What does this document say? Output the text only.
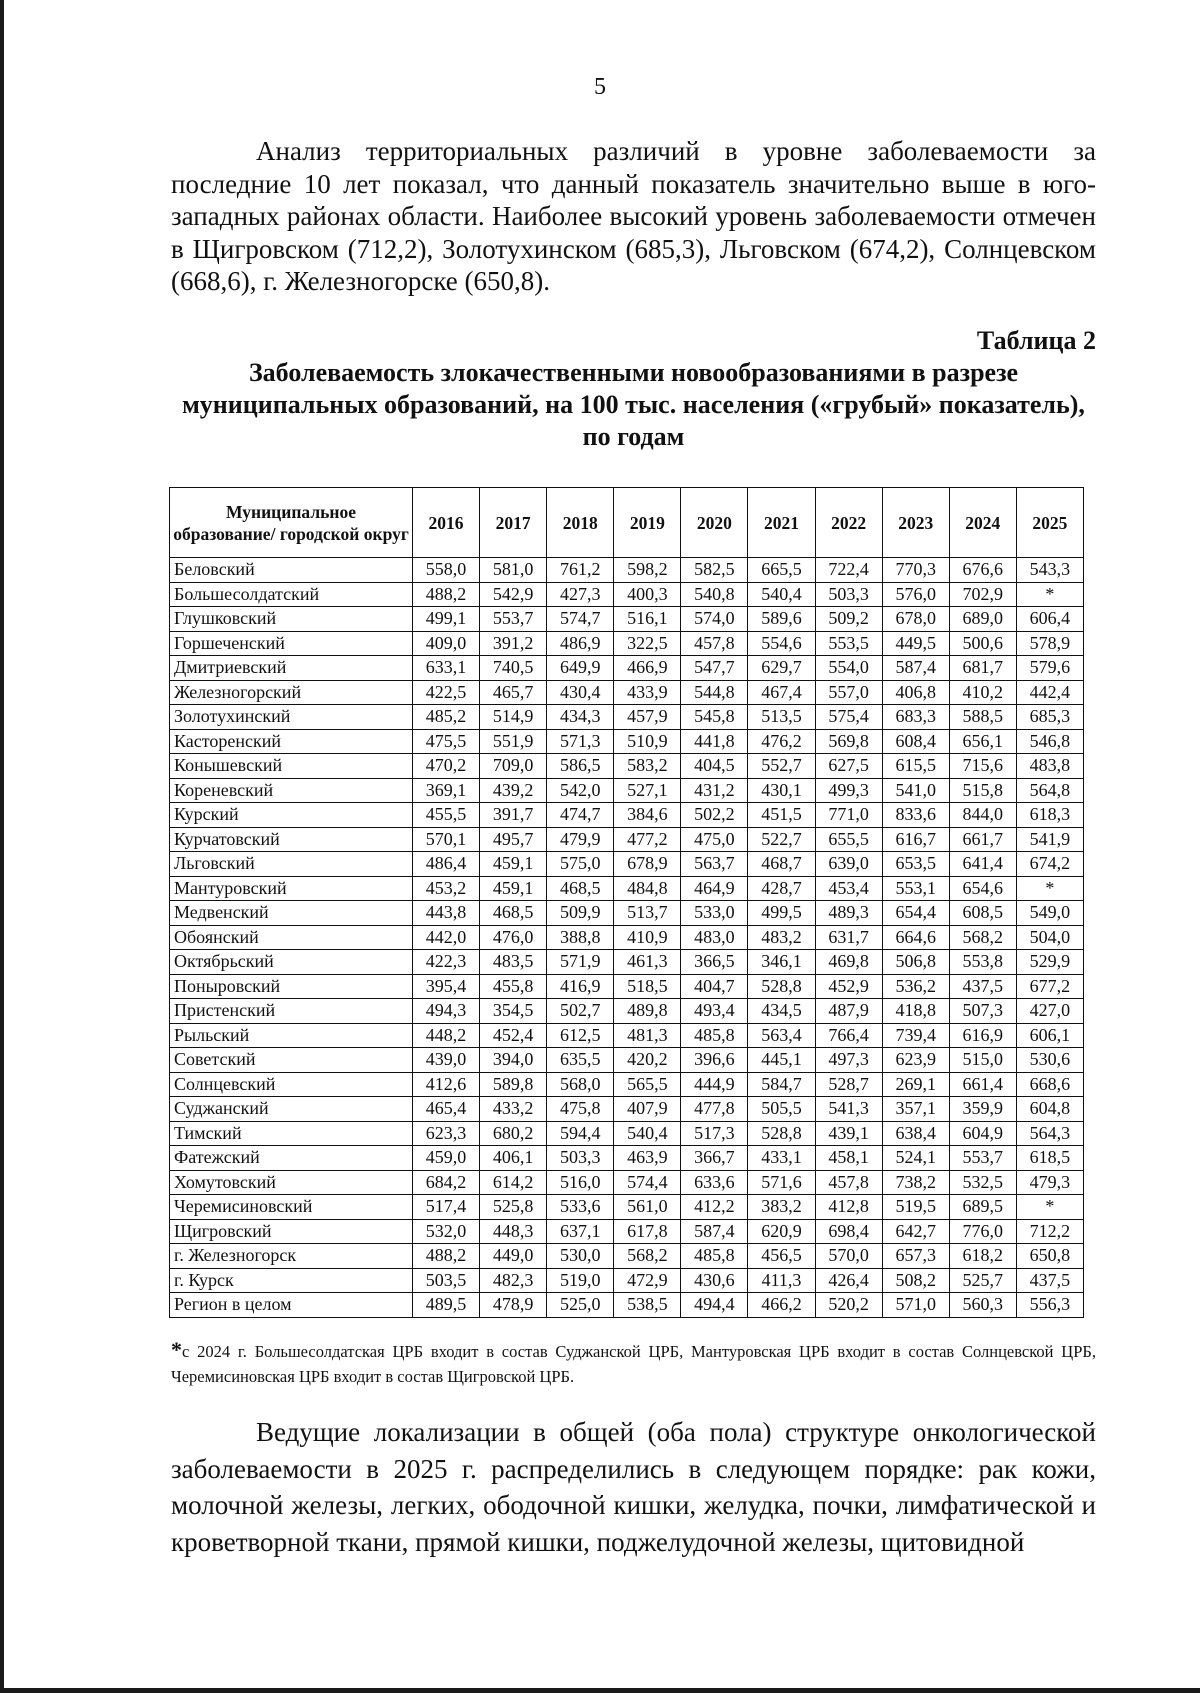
5

Анализ территориальных различий в уровне заболеваемости за последние 10 лет показал, что данный показатель значительно выше в юго-западных районах области. Наиболее высокий уровень заболеваемости отмечен в Щигровском (712,2), Золотухинском (685,3), Льговском (674,2), Солнцевском (668,6), г. Железногорске (650,8).

Таблица 2

Заболеваемость злокачественными новообразованиями в разрезе муниципальных образований, на 100 тыс. населения («грубый» показатель), по годам

Муниципальное образование/ городской округ	2016	2017	2018	2019	2020	2021	2022	2023	2024	2025
Беловский	558,0	581,0	761,2	598,2	582,5	665,5	722,4	770,3	676,6	543,3
Большесолдатский	488,2	542,9	427,3	400,3	540,8	540,4	503,3	576,0	702,9	*
Глушковский	499,1	553,7	574,7	516,1	574,0	589,6	509,2	678,0	689,0	606,4
Горшеченский	409,0	391,2	486,9	322,5	457,8	554,6	553,5	449,5	500,6	578,9
Дмитриевский	633,1	740,5	649,9	466,9	547,7	629,7	554,0	587,4	681,7	579,6
Железногорский	422,5	465,7	430,4	433,9	544,8	467,4	557,0	406,8	410,2	442,4
Золотухинский	485,2	514,9	434,3	457,9	545,8	513,5	575,4	683,3	588,5	685,3
Касторенский	475,5	551,9	571,3	510,9	441,8	476,2	569,8	608,4	656,1	546,8
Конышевский	470,2	709,0	586,5	583,2	404,5	552,7	627,5	615,5	715,6	483,8
Кореневский	369,1	439,2	542,0	527,1	431,2	430,1	499,3	541,0	515,8	564,8
Курский	455,5	391,7	474,7	384,6	502,2	451,5	771,0	833,6	844,0	618,3
Курчатовский	570,1	495,7	479,9	477,2	475,0	522,7	655,5	616,7	661,7	541,9
Льговский	486,4	459,1	575,0	678,9	563,7	468,7	639,0	653,5	641,4	674,2
Мантуровский	453,2	459,1	468,5	484,8	464,9	428,7	453,4	553,1	654,6	*
Медвенский	443,8	468,5	509,9	513,7	533,0	499,5	489,3	654,4	608,5	549,0
Обоянский	442,0	476,0	388,8	410,9	483,0	483,2	631,7	664,6	568,2	504,0
Октябрьский	422,3	483,5	571,9	461,3	366,5	346,1	469,8	506,8	553,8	529,9
Поныровский	395,4	455,8	416,9	518,5	404,7	528,8	452,9	536,2	437,5	677,2
Пристенский	494,3	354,5	502,7	489,8	493,4	434,5	487,9	418,8	507,3	427,0
Рыльский	448,2	452,4	612,5	481,3	485,8	563,4	766,4	739,4	616,9	606,1
Советский	439,0	394,0	635,5	420,2	396,6	445,1	497,3	623,9	515,0	530,6
Солнцевский	412,6	589,8	568,0	565,5	444,9	584,7	528,7	269,1	661,4	668,6
Суджанский	465,4	433,2	475,8	407,9	477,8	505,5	541,3	357,1	359,9	604,8
Тимский	623,3	680,2	594,4	540,4	517,3	528,8	439,1	638,4	604,9	564,3
Фатежский	459,0	406,1	503,3	463,9	366,7	433,1	458,1	524,1	553,7	618,5
Хомутовский	684,2	614,2	516,0	574,4	633,6	571,6	457,8	738,2	532,5	479,3
Черемисиновский	517,4	525,8	533,6	561,0	412,2	383,2	412,8	519,5	689,5	*
Щигровский	532,0	448,3	637,1	617,8	587,4	620,9	698,4	642,7	776,0	712,2
г. Железногорск	488,2	449,0	530,0	568,2	485,8	456,5	570,0	657,3	618,2	650,8
г. Курск	503,5	482,3	519,0	472,9	430,6	411,3	426,4	508,2	525,7	437,5
Регион в целом	489,5	478,9	525,0	538,5	494,4	466,2	520,2	571,0	560,3	556,3

*с 2024 г. Большесолдатская ЦРБ входит в состав Суджанской ЦРБ, Мантуровская ЦРБ входит в состав Солнцевской ЦРБ, Черемисиновская ЦРБ входит в состав Щигровской ЦРБ.

Ведущие локализации в общей (оба пола) структуре онкологической заболеваемости в 2025 г. распределились в следующем порядке: рак кожи, молочной железы, легких, ободочной кишки, желудка, почки, лимфатической и кроветворной ткани, прямой кишки, поджелудочной железы, щитовидной
